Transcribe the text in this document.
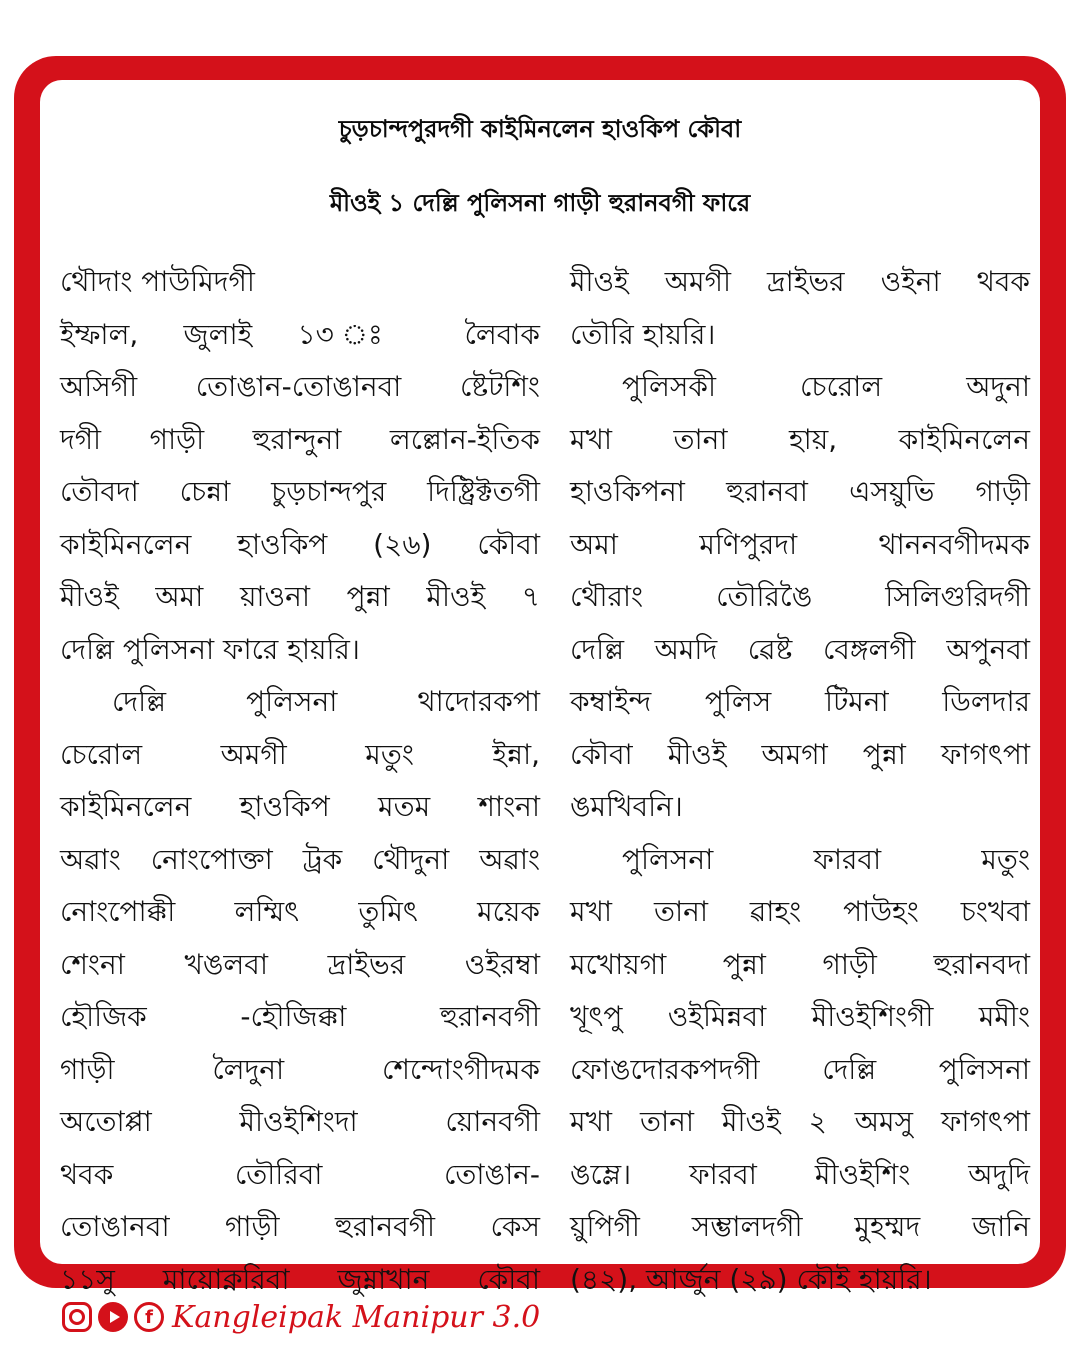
চুড়চান্দপুরদগী কাইমিনলেন হাওকিপ কৌবা
মীওই ১ দেল্লি পুলিসনা গাড়ী হুরানবগী ফারে
থৌদাং পাউমিদগী
ইম্ফাল, জুলাই ১৩ ঃ লৈবাক
অসিগী তোঙান-তোঙানবা ষ্টেটশিং
দগী গাড়ী হুরান্দুনা লল্লোন-ইতিক
তৌবদা চেন্না চুড়চান্দপুর দিষ্ট্রিক্টতগী
কাইমিনলেন হাওকিপ (২৬) কৌবা
মীওই অমা য়াওনা পুন্না মীওই ৭
দেল্লি পুলিসনা ফারে হায়রি।
দেল্লি পুলিসনা থাদোরকপা
চেরোল অমগী মতুং ইন্না,
কাইমিনলেন হাওকিপ মতম শাংনা
অৱাং নোংপোক্তা ট্রক থৌদুনা অৱাং
নোংপোক্কী লম্মিৎ তুমিৎ ময়েক
শেংনা খঙলবা দ্রাইভর ওইরম্বা
হৌজিক -হৌজিক্কা হুরানবগী
গাড়ী লৈদুনা শেন্দোংগীদমক
অতোপ্পা মীওইশিংদা য়োনবগী
থবক তৌরিবা তোঙান-
তোঙানবা গাড়ী হুরানবগী কেস
১১সু মায়োক্নরিবা জুম্নাখান কৌবা
মীওই অমগী দ্রাইভর ওইনা থবক
তৌরি হায়রি।
পুলিসকী চেরোল অদুনা
মখা তানা হায়, কাইমিনলেন
হাওকিপনা হুরানবা এসয়ুভি গাড়ী
অমা মণিপুরদা থাননবগীদমক
থৌরাং তৌরিঙৈ সিলিগুরিদগী
দেল্লি অমদি ৱেষ্ট বেঙ্গলগী অপুনবা
কম্বাইন্দ পুলিস টিমনা ডিলদার
কৌবা মীওই অমগা পুন্না ফাগৎপা
ঙমখিবনি।
পুলিসনা ফারবা মতুং
মখা তানা ৱাহং পাউহং চংখবা
মখোয়গা পুন্না গাড়ী হুরানবদা
খূৎপু ওইমিন্নবা মীওইশিংগী মমীং
ফোঙদোরকপদগী দেল্লি পুলিসনা
মখা তানা মীওই ২ অমসু ফাগৎপা
ঙম্লে। ফারবা মীওইশিং অদুদি
য়ুপিগী সম্ভালদগী মুহম্মদ জানি
(৪২), আর্জুন (২৯) কৌই হায়রি।
f Kangleipak Manipur 3.0
